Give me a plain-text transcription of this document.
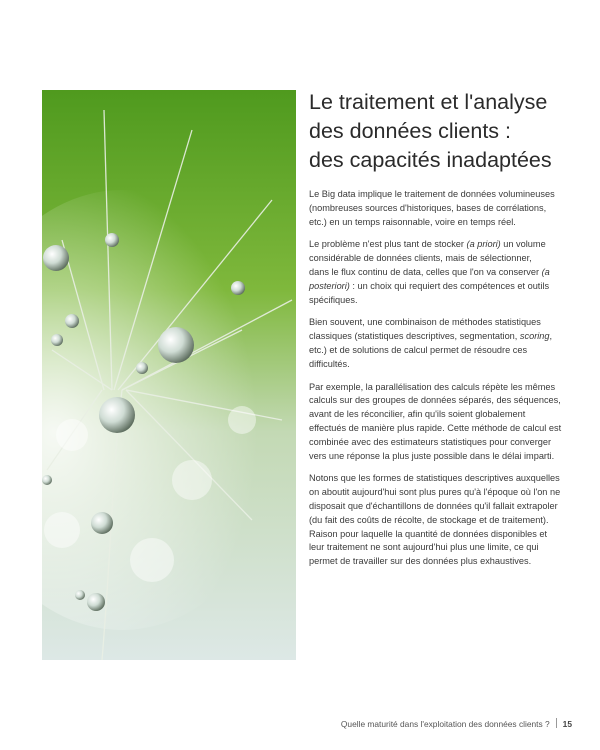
Le traitement et l'analyse
des données clients :
des capacités inadaptées

Le Big data implique le traitement de données volumineuses
(nombreuses sources d'historiques, bases de corrélations,
etc.) en un temps raisonnable, voire en temps réel.

Le problème n'est plus tant de stocker (a priori) un volume
considérable de données clients, mais de sélectionner,
dans le flux continu de data, celles que l'on va conserver (a
posteriori) : un choix qui requiert des compétences et outils
spécifiques.

Bien souvent, une combinaison de méthodes statistiques
classiques (statistiques descriptives, segmentation, scoring,
etc.) et de solutions de calcul permet de résoudre ces
difficultés.

Par exemple, la parallélisation des calculs répète les mêmes
calculs sur des groupes de données séparés, des séquences,
avant de les réconcilier, afin qu'ils soient globalement
effectués de manière plus rapide. Cette méthode de calcul est
combinée avec des estimateurs statistiques pour converger
vers une réponse la plus juste possible dans le délai imparti.

Notons que les formes de statistiques descriptives auxquelles
on aboutit aujourd'hui sont plus pures qu'à l'époque où l'on ne
disposait que d'échantillons de données qu'il fallait extrapoler
(du fait des coûts de récolte, de stockage et de traitement).
Raison pour laquelle la quantité de données disponibles et
leur traitement ne sont aujourd'hui plus une limite, ce qui
permet de travailler sur des données plus exhaustives.

Quelle maturité dans l'exploitation des données clients ? 15
